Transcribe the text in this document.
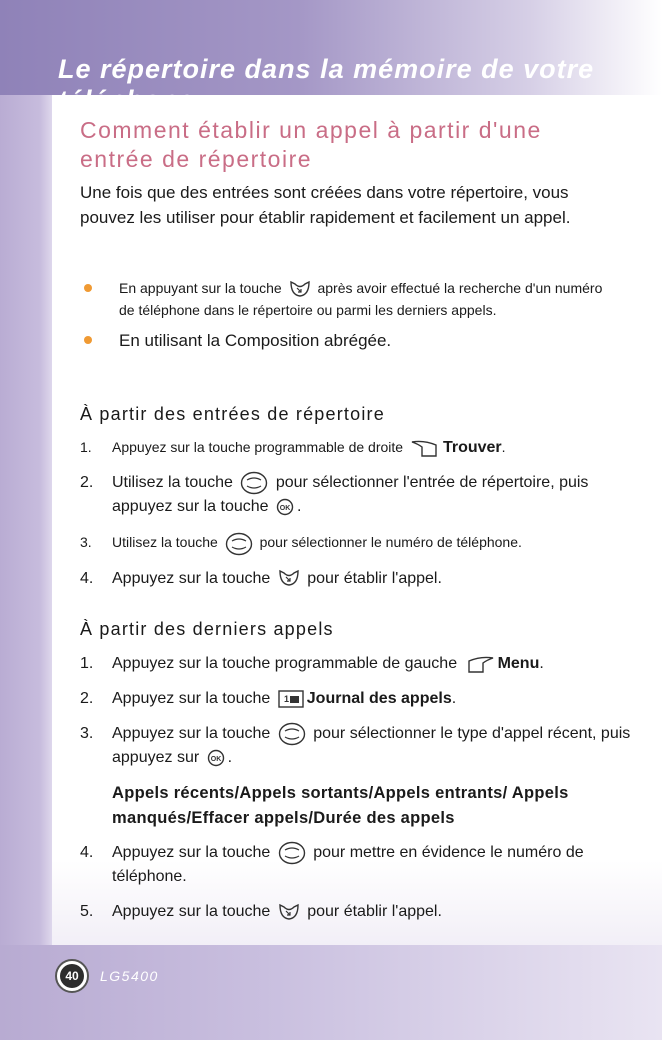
Le répertoire dans la mémoire de votre
Comment établir un appel à partir d'une entrée de répertoire
Une fois que des entrées sont créées dans votre répertoire, vous pouvez les utiliser pour établir rapidement et facilement un appel.
En appuyant sur la touche	après avoir effectué la recherche d'un numéro de téléphone dans le répertoire ou parmi les derniers appels.
En utilisant la Composition abrégée.
À partir des entrées de répertoire
1. Appuyez sur la touche programmable de droite Trouver.
2. Utilisez la touche	pour sélectionner l'entrée de répertoire, puis appuyez sur la touche OK .
3. Utilisez la touche	pour sélectionner le numéro de téléphone.
4. Appuyez sur la touche pour établir l'appel.
À partir des derniers appels
1. Appuyez sur la touche programmable de gauche	Menu.
2. Appuyez sur la touche 1 Journal des appels.
3. Appuyez sur la touche	pour sélectionner le type d'appel récent, puis appuyez sur OK .
Appels récents/Appels sortants/Appels entrants/ Appels manqués/Effacer appels/Durée des appels
4. Appuyez sur la touche	pour mettre en évidence le numéro de téléphone.
5. Appuyez sur la touche pour établir l'appel.
40	LG5400
